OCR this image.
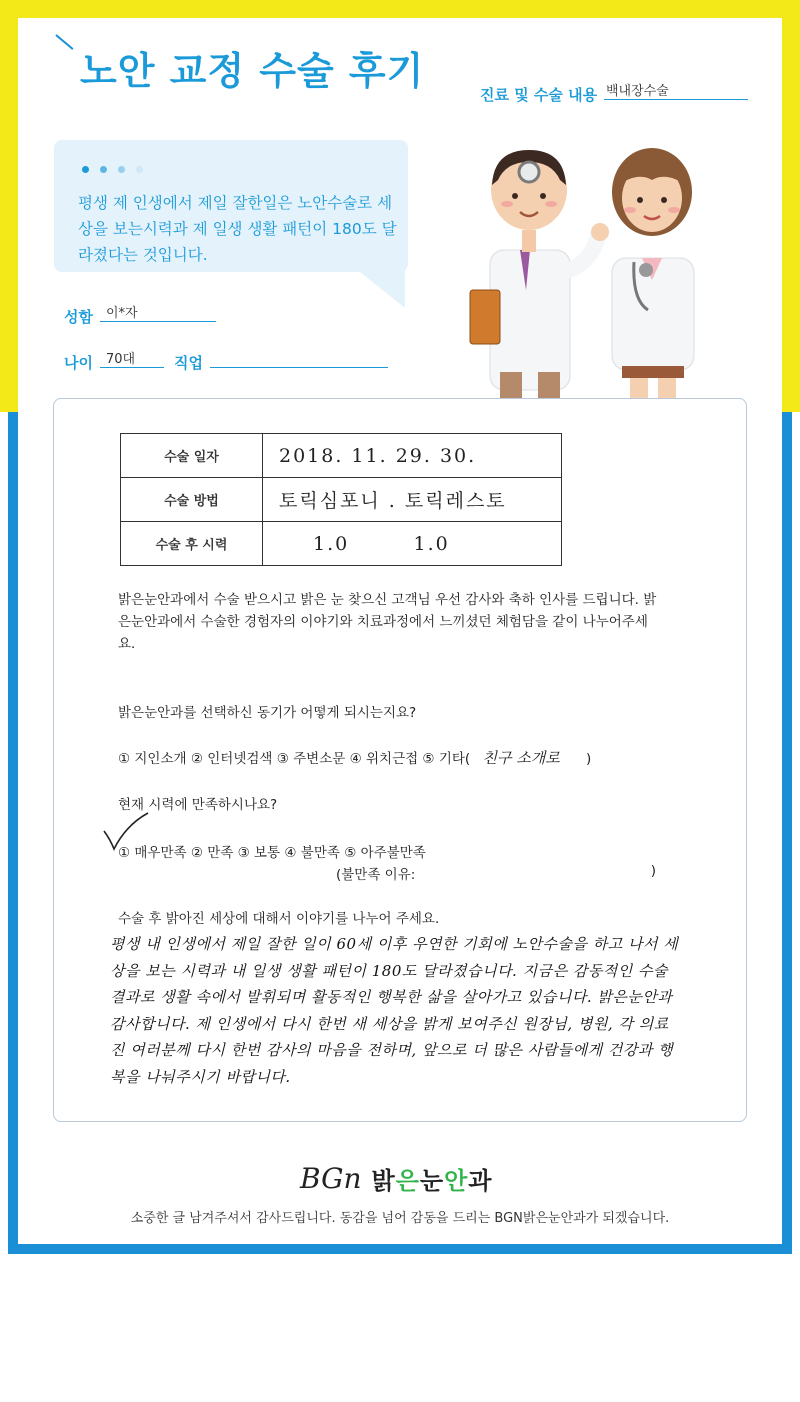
노안 교정 수술 후기
진료 및 수술 내용 백내장수술
평생 제 인생에서 제일 잘한일은 노안수술로 세상을 보는시력과 제 일생 생활 패턴이 180도 달라졌다는 것입니다.
성함	이*자
나이	70대	직업
수술 일자	2018. 11. 29. 30.
수술 방법	토릭심포니 . 토릭레스토
수술 후 시력	1.0        1.0
밝은눈안과에서 수술 받으시고 밝은 눈 찾으신 고객님 우선 감사와 축하 인사를 드립니다. 밝은눈안과에서 수술한 경험자의 이야기와 치료과정에서 느끼셨던 체험담을 같이 나누어주세요.
밝은눈안과를 선택하신 동기가 어떻게 되시는지요?
① 지인소개 ② 인터넷검색 ③ 주변소문 ④ 위치근접 ⑤ 기타( 친구 소개로 )
현재 시력에 만족하시나요?
① 매우만족 ② 만족 ③ 보통 ④ 불만족 ⑤ 아주불만족
(불만족 이유:	)
수술 후 밝아진 세상에 대해서 이야기를 나누어 주세요.
평생 내 인생에서 제일 잘한 일이 60세 이후 우연한 기회에 노안수술을 하고 나서 세상을 보는 시력과 내 일생 생활 패턴이 180도 달라졌습니다. 지금은 감동적인 수술 결과로 생활 속에서 발휘되며 활동적인 행복한 삶을 살아가고 있습니다. 밝은눈안과 감사합니다. 제 인생에서 다시 한번 새 세상을 밝게 보여주신 원장님, 병원, 각 의료진 여러분께 다시 한번 감사의 마음을 전하며, 앞으로 더 많은 사람들에게 건강과 행복을 나눠주시기 바랍니다.
BGn 밝은눈안과
소중한 글 남겨주셔서 감사드립니다. 동감을 넘어 감동을 드리는 BGN밝은눈안과가 되겠습니다.
